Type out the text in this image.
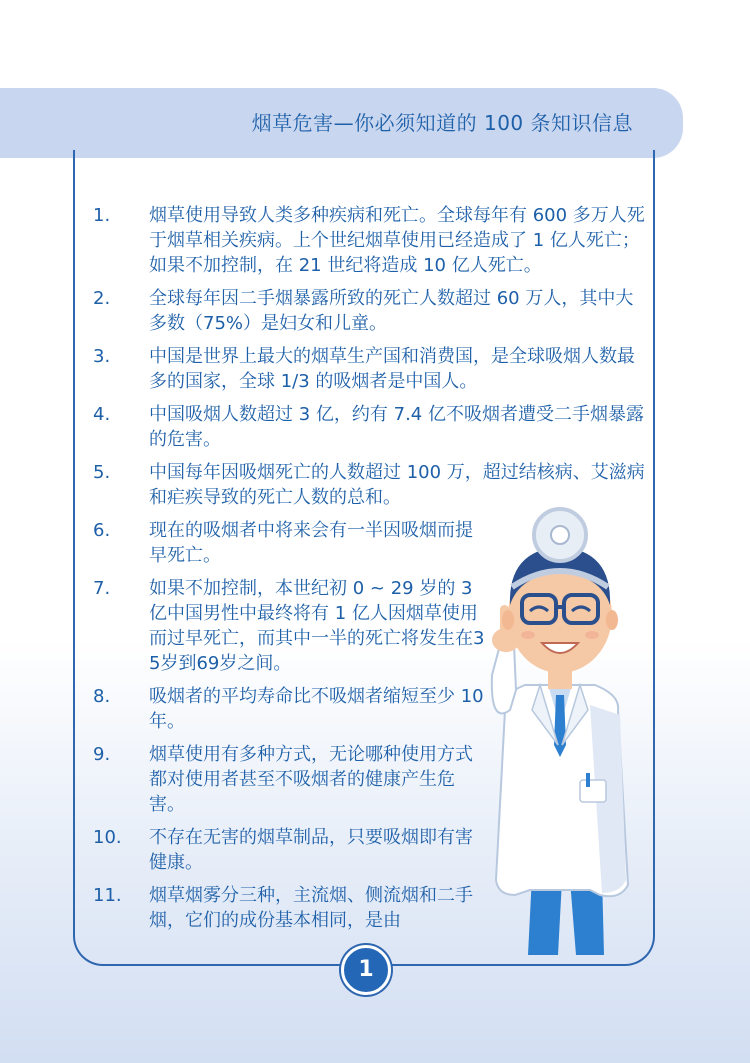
烟草危害—你必须知道的 100 条知识信息
1.	烟草使用导致人类多种疾病和死亡。全球每年有 600 多万人死于烟草相关疾病。上个世纪烟草使用已经造成了 1 亿人死亡； 如果不加控制，在 21 世纪将造成 10 亿人死亡。
2.	全球每年因二手烟暴露所致的死亡人数超过 60 万人，其中大多数（75%）是妇女和儿童。
3.	中国是世界上最大的烟草生产国和消费国，是全球吸烟人数最多的国家，全球 1/3 的吸烟者是中国人。
4.	中国吸烟人数超过 3 亿，约有 7.4 亿不吸烟者遭受二手烟暴露的危害。
5.	中国每年因吸烟死亡的人数超过 100 万，超过结核病、艾滋病和疟疾导致的死亡人数的总和。
6.	现在的吸烟者中将来会有一半因吸烟而提早死亡。
7.	如果不加控制，本世纪初 0 ~ 29 岁的 3 亿中国男性中最终将有 1 亿人因烟草使用而过早死亡，而其中一半的死亡将发生在35岁到69岁之间。
8.	吸烟者的平均寿命比不吸烟者缩短至少 10 年。
9.	烟草使用有多种方式，无论哪种使用方式都对使用者甚至不吸烟者的健康产生危害。
10.	不存在无害的烟草制品，只要吸烟即有害健康。
11.	烟草烟雾分三种，主流烟、侧流烟和二手烟，它们的成份基本相同，是由
1
